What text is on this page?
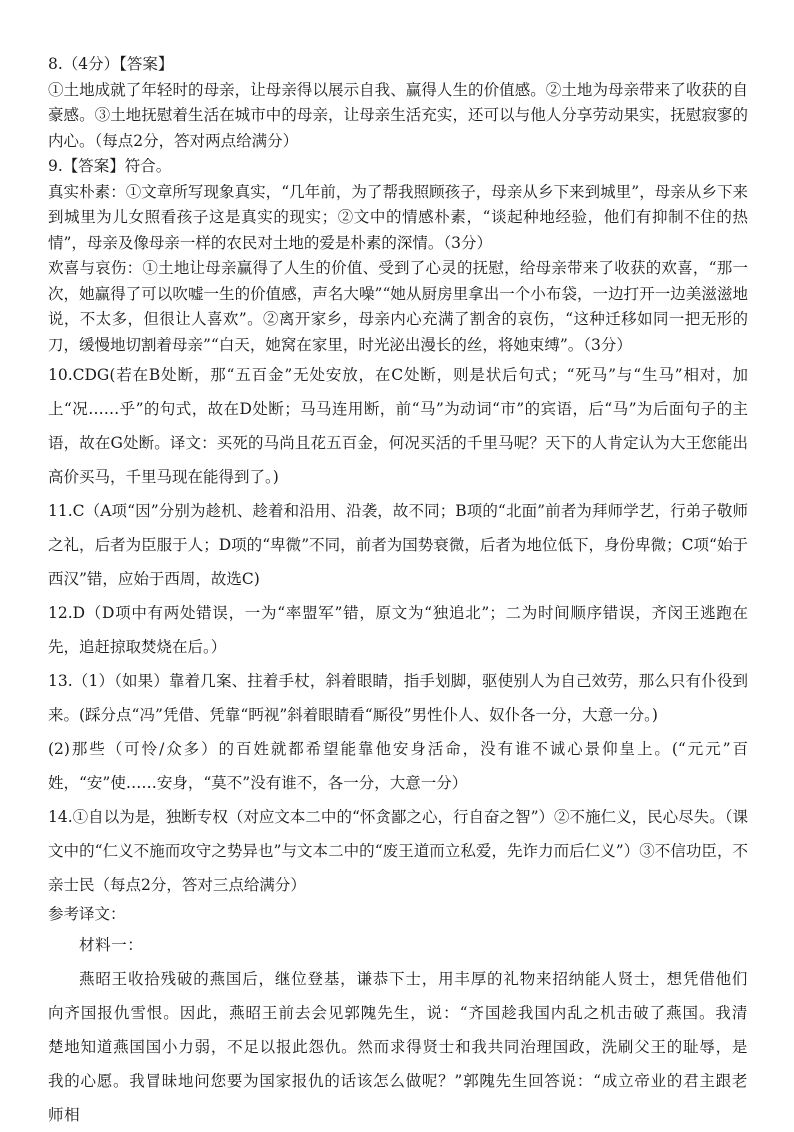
8.（4分）【答案】

①土地成就了年轻时的母亲，让母亲得以展示自我、赢得人生的价值感。②土地为母亲带来了收获的自豪感。③土地抚慰着生活在城市中的母亲，让母亲生活充实，还可以与他人分享劳动果实，抚慰寂寥的内心。（每点2分，答对两点给满分）

9.【答案】符合。

真实朴素：①文章所写现象真实，“几年前，为了帮我照顾孩子，母亲从乡下来到城里”，母亲从乡下来到城里为儿女照看孩子这是真实的现实；②文中的情感朴素，“谈起种地经验，他们有抑制不住的热情”，母亲及像母亲一样的农民对土地的爱是朴素的深情。（3分）

欢喜与哀伤：①土地让母亲赢得了人生的价值、受到了心灵的抚慰，给母亲带来了收获的欢喜，“那一次，她赢得了可以吹嘘一生的价值感，声名大噪”“她从厨房里拿出一个小布袋，一边打开一边美滋滋地说，不太多，但很让人喜欢”。②离开家乡，母亲内心充满了割舍的哀伤，“这种迁移如同一把无形的刀，缓慢地切割着母亲”“白天，她窝在家里，时光泌出漫长的丝，将她束缚”。（3分）

10.CDG(若在B处断，那“五百金”无处安放，在C处断，则是状后句式；“死马”与“生马”相对，加上“况……乎”的句式，故在D处断；马马连用断，前“马”为动词“市”的宾语，后“马”为后面句子的主语，故在G处断。译文：买死的马尚且花五百金，何况买活的千里马呢？天下的人肯定认为大王您能出高价买马，千里马现在能得到了。)

11.C（A项“因”分别为趁机、趁着和沿用、沿袭，故不同；B项的“北面”前者为拜师学艺，行弟子敬师之礼，后者为臣服于人；D项的“卑微”不同，前者为国势衰微，后者为地位低下，身份卑微；C项“始于西汉”错，应始于西周，故选C)

12.D（D项中有两处错误，一为“率盟军”错，原文为“独追北”；二为时间顺序错误，齐闵王逃跑在先，追赶掠取焚烧在后。）

13.（1）（如果）靠着几案、拄着手杖，斜着眼睛，指手划脚，驱使别人为自己效劳，那么只有仆役到来。(踩分点“冯”凭借、凭靠“眄视”斜着眼睛看“厮役”男性仆人、奴仆各一分，大意一分。)

(2)那些（可怜/众多）的百姓就都希望能靠他安身活命，没有谁不诚心景仰皇上。(“元元”百姓，“安”使……安身，“莫不”没有谁不，各一分，大意一分）

14.①自以为是，独断专权（对应文本二中的“怀贪鄙之心，行自奋之智”）②不施仁义，民心尽失。（课文中的“仁义不施而攻守之势异也”与文本二中的“废王道而立私爱，先诈力而后仁义”）③不信功臣，不亲士民（每点2分，答对三点给满分）

参考译文：

材料一：

燕昭王收拾残破的燕国后，继位登基，谦恭下士，用丰厚的礼物来招纳能人贤士，想凭借他们向齐国报仇雪恨。因此，燕昭王前去会见郭隗先生，说：“齐国趁我国内乱之机击破了燕国。我清楚地知道燕国国小力弱，不足以报此怨仇。然而求得贤士和我共同治理国政，洗刷父王的耻辱，是我的心愿。我冒昧地问您要为国家报仇的话该怎么做呢？”郭隗先生回答说：“成立帝业的君主跟老师相
